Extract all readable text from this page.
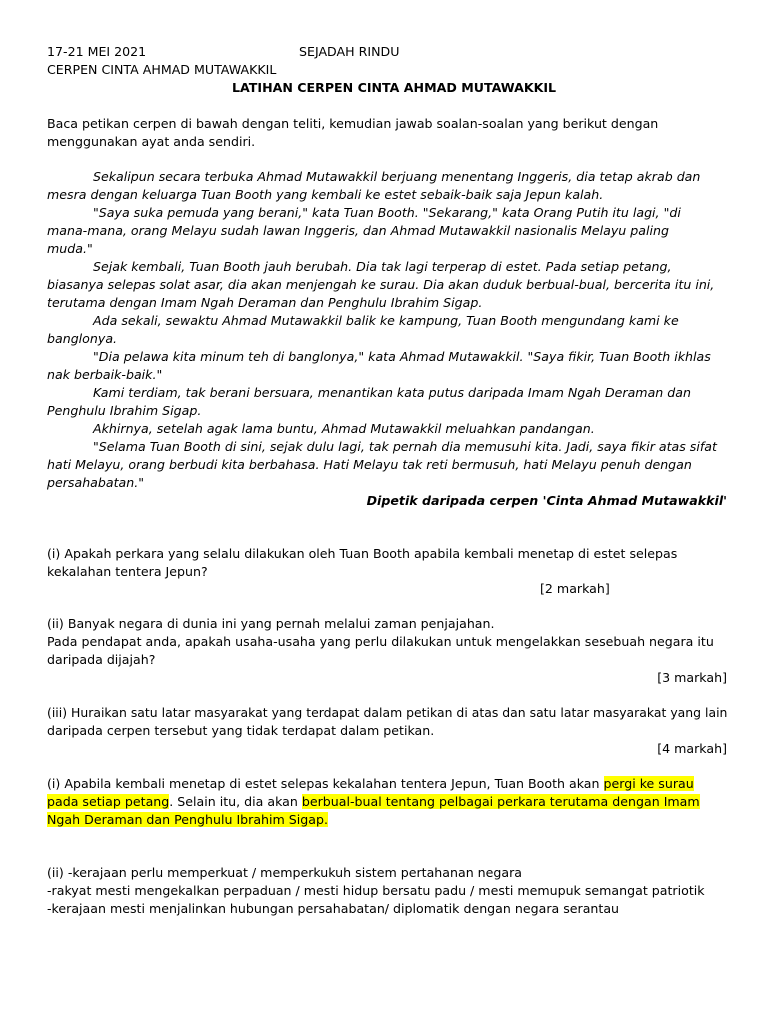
17-21 MEI 2021	SEJADAH RINDU
CERPEN CINTA AHMAD MUTAWAKKIL
LATIHAN CERPEN CINTA AHMAD MUTAWAKKIL
Baca petikan cerpen di bawah dengan teliti, kemudian jawab soalan-soalan yang berikut dengan
menggunakan ayat anda sendiri.
Sekalipun secara terbuka Ahmad Mutawakkil berjuang menentang Inggeris, dia tetap akrab dan
mesra dengan keluarga Tuan Booth yang kembali ke estet sebaik-baik saja Jepun kalah.
"Saya suka pemuda yang berani," kata Tuan Booth. "Sekarang," kata Orang Putih itu lagi, "di
mana-mana, orang Melayu sudah lawan Inggeris, dan Ahmad Mutawakkil nasionalis Melayu paling
muda."
Sejak kembali, Tuan Booth jauh berubah. Dia tak lagi terperap di estet. Pada setiap petang,
biasanya selepas solat asar, dia akan menjengah ke surau. Dia akan duduk berbual-bual, bercerita itu ini,
terutama dengan Imam Ngah Deraman dan Penghulu Ibrahim Sigap.
Ada sekali, sewaktu Ahmad Mutawakkil balik ke kampung, Tuan Booth mengundang kami ke
banglonya.
"Dia pelawa kita minum teh di banglonya," kata Ahmad Mutawakkil. "Saya fikir, Tuan Booth ikhlas
nak berbaik-baik."
Kami terdiam, tak berani bersuara, menantikan kata putus daripada Imam Ngah Deraman dan
Penghulu Ibrahim Sigap.
Akhirnya, setelah agak lama buntu, Ahmad Mutawakkil meluahkan pandangan.
"Selama Tuan Booth di sini, sejak dulu lagi, tak pernah dia memusuhi kita. Jadi, saya fikir atas sifat
hati Melayu, orang berbudi kita berbahasa. Hati Melayu tak reti bermusuh, hati Melayu penuh dengan
persahabatan."
Dipetik daripada cerpen 'Cinta Ahmad Mutawakkil'
(i) Apakah perkara yang selalu dilakukan oleh Tuan Booth apabila kembali menetap di estet selepas
kekalahan tentera Jepun?
[2 markah]
(ii) Banyak negara di dunia ini yang pernah melalui zaman penjajahan.
Pada pendapat anda, apakah usaha-usaha yang perlu dilakukan untuk mengelakkan sesebuah negara itu
daripada dijajah?
[3 markah]
(iii) Huraikan satu latar masyarakat yang terdapat dalam petikan di atas dan satu latar masyarakat yang lain
daripada cerpen tersebut yang tidak terdapat dalam petikan.
[4 markah]
(i) Apabila kembali menetap di estet selepas kekalahan tentera Jepun, Tuan Booth akan pergi ke surau
pada setiap petang. Selain itu, dia akan berbual-bual tentang pelbagai perkara terutama dengan Imam
Ngah Deraman dan Penghulu Ibrahim Sigap.
(ii) -kerajaan perlu memperkuat / memperkukuh sistem pertahanan negara
-rakyat mesti mengekalkan perpaduan / mesti hidup bersatu padu / mesti memupuk semangat patriotik
-kerajaan mesti menjalinkan hubungan persahabatan/ diplomatik dengan negara serantau
